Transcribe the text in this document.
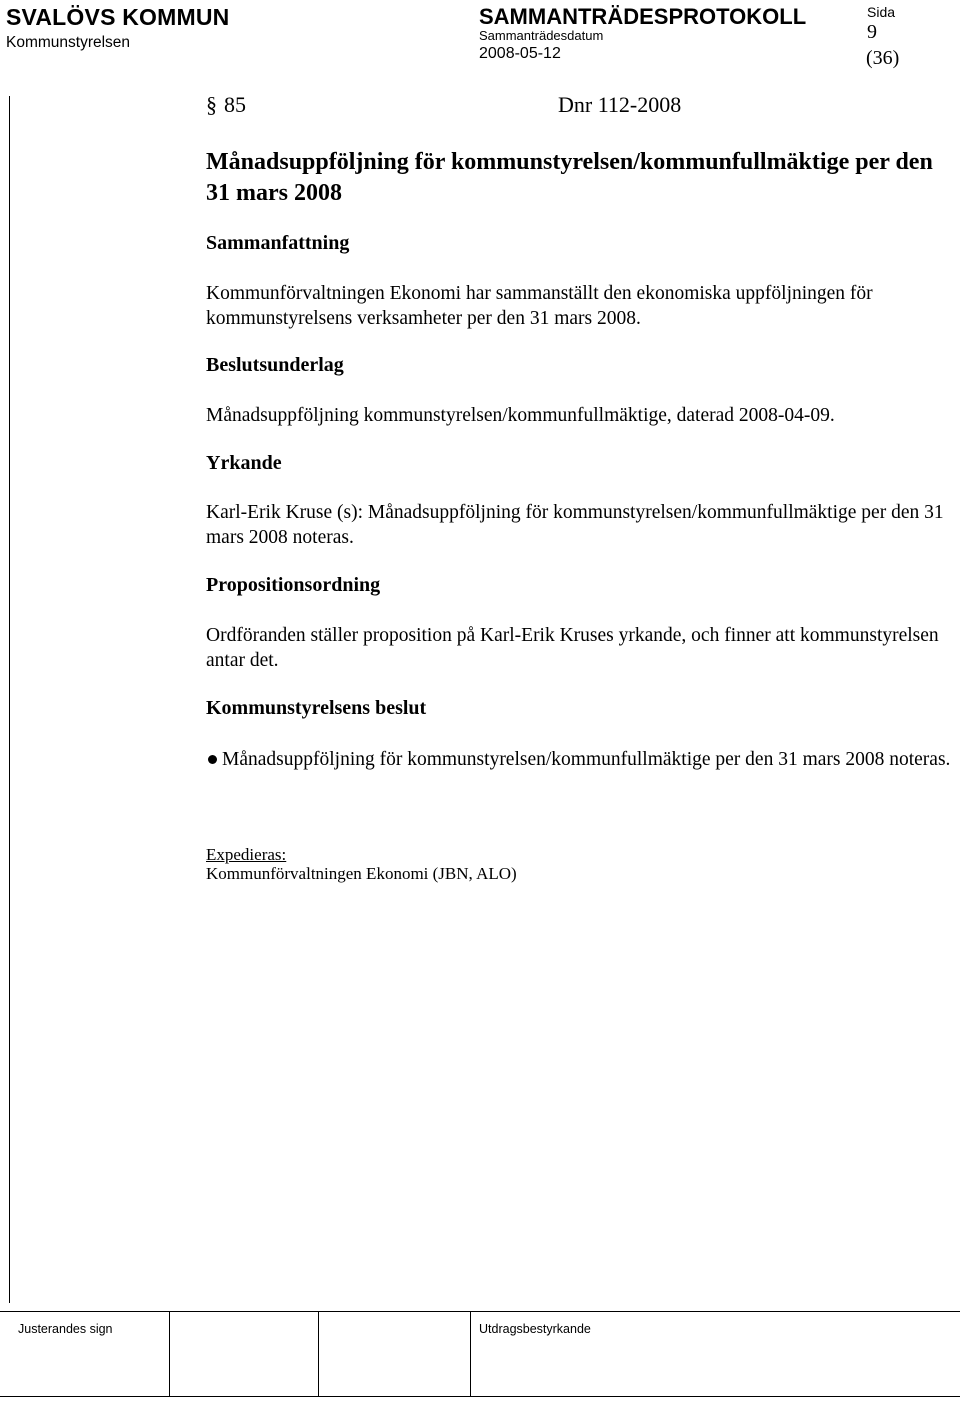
SVALÖVS KOMMUN
Kommunstyrelsen
SAMMANTRÄDESPROTOKOLL
Sammanträdesdatum
2008-05-12
Sida
9
(36)
§ 85	Dnr 112-2008
Månadsuppföljning för kommunstyrelsen/kommunfullmäktige per den 31 mars 2008
Sammanfattning
Kommunförvaltningen Ekonomi har sammanställt den ekonomiska uppföljningen för kommunstyrelsens verksamheter per den 31 mars 2008.
Beslutsunderlag
Månadsuppföljning kommunstyrelsen/kommunfullmäktige, daterad 2008-04-09.
Yrkande
Karl-Erik Kruse (s): Månadsuppföljning för kommunstyrelsen/kommunfullmäktige per den 31 mars 2008 noteras.
Propositionsordning
Ordföranden ställer proposition på Karl-Erik Kruses yrkande, och finner att kommunstyrelsen antar det.
Kommunstyrelsens beslut
Månadsuppföljning för kommunstyrelsen/kommunfullmäktige per den 31 mars 2008 noteras.
Expedieras:
Kommunförvaltningen Ekonomi (JBN, ALO)
Justerandes sign	Utdragsbestyrkande
